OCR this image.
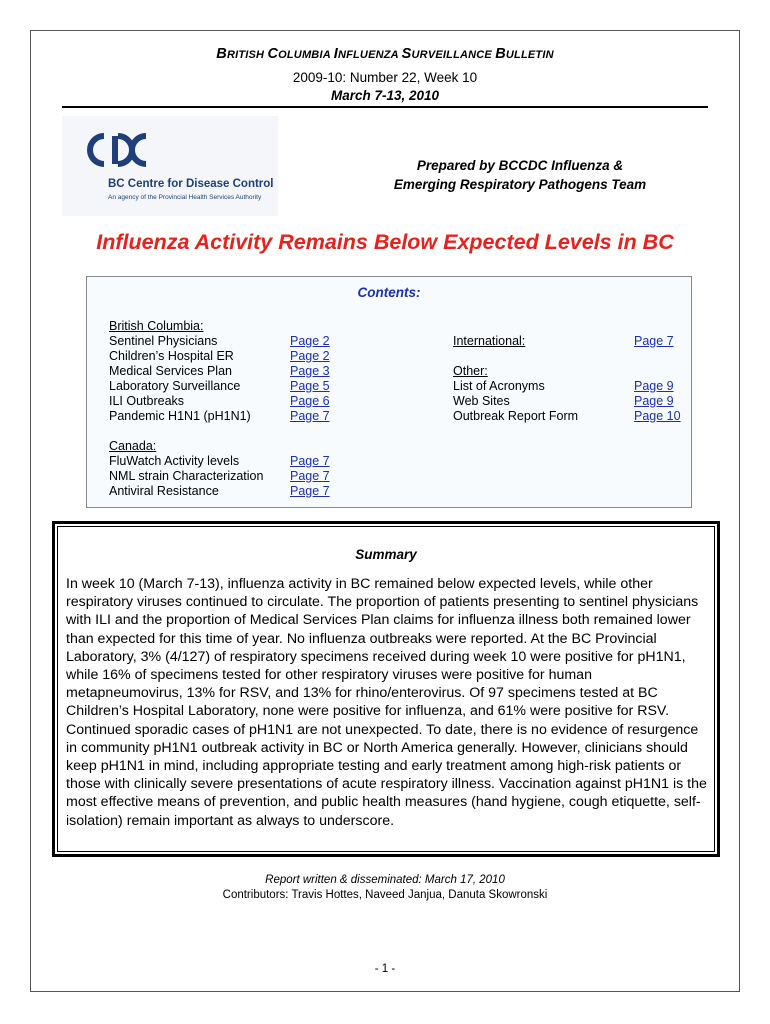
BRITISH COLUMBIA INFLUENZA SURVEILLANCE BULLETIN
2009-10: Number 22, Week 10
March 7-13, 2010
BC Centre for Disease Control
An agency of the Provincial Health Services Authority
Prepared by BCCDC Influenza &
Emerging Respiratory Pathogens Team
Influenza Activity Remains Below Expected Levels in BC
Contents:
British Columbia:
Sentinel Physicians
Children’s Hospital ER
Medical Services Plan
Laboratory Surveillance
ILI Outbreaks
Pandemic H1N1 (pH1N1)
Canada:
FluWatch Activity levels
NML strain Characterization
Antiviral Resistance
Page 2
Page 2
Page 3
Page 5
Page 6
Page 7
Page 7
Page 7
Page 7
International:
Other:
List of Acronyms
Web Sites
Outbreak Report Form
Page 7
Page 9
Page 9
Page 10
Summary
In week 10 (March 7-13), influenza activity in BC remained below expected levels, while other respiratory viruses continued to circulate. The proportion of patients presenting to sentinel physicians with ILI and the proportion of Medical Services Plan claims for influenza illness both remained lower than expected for this time of year. No influenza outbreaks were reported. At the BC Provincial Laboratory, 3% (4/127) of respiratory specimens received during week 10 were positive for pH1N1, while 16% of specimens tested for other respiratory viruses were positive for human metapneumovirus, 13% for RSV, and 13% for rhino/enterovirus. Of 97 specimens tested at BC Children’s Hospital Laboratory, none were positive for influenza, and 61% were positive for RSV. Continued sporadic cases of pH1N1 are not unexpected. To date, there is no evidence of resurgence in community pH1N1 outbreak activity in BC or North America generally. However, clinicians should keep pH1N1 in mind, including appropriate testing and early treatment among high-risk patients or those with clinically severe presentations of acute respiratory illness. Vaccination against pH1N1 is the most effective means of prevention, and public health measures (hand hygiene, cough etiquette, self-isolation) remain important as always to underscore.
Report written & disseminated: March 17, 2010
Contributors: Travis Hottes, Naveed Janjua, Danuta Skowronski
- 1 -
